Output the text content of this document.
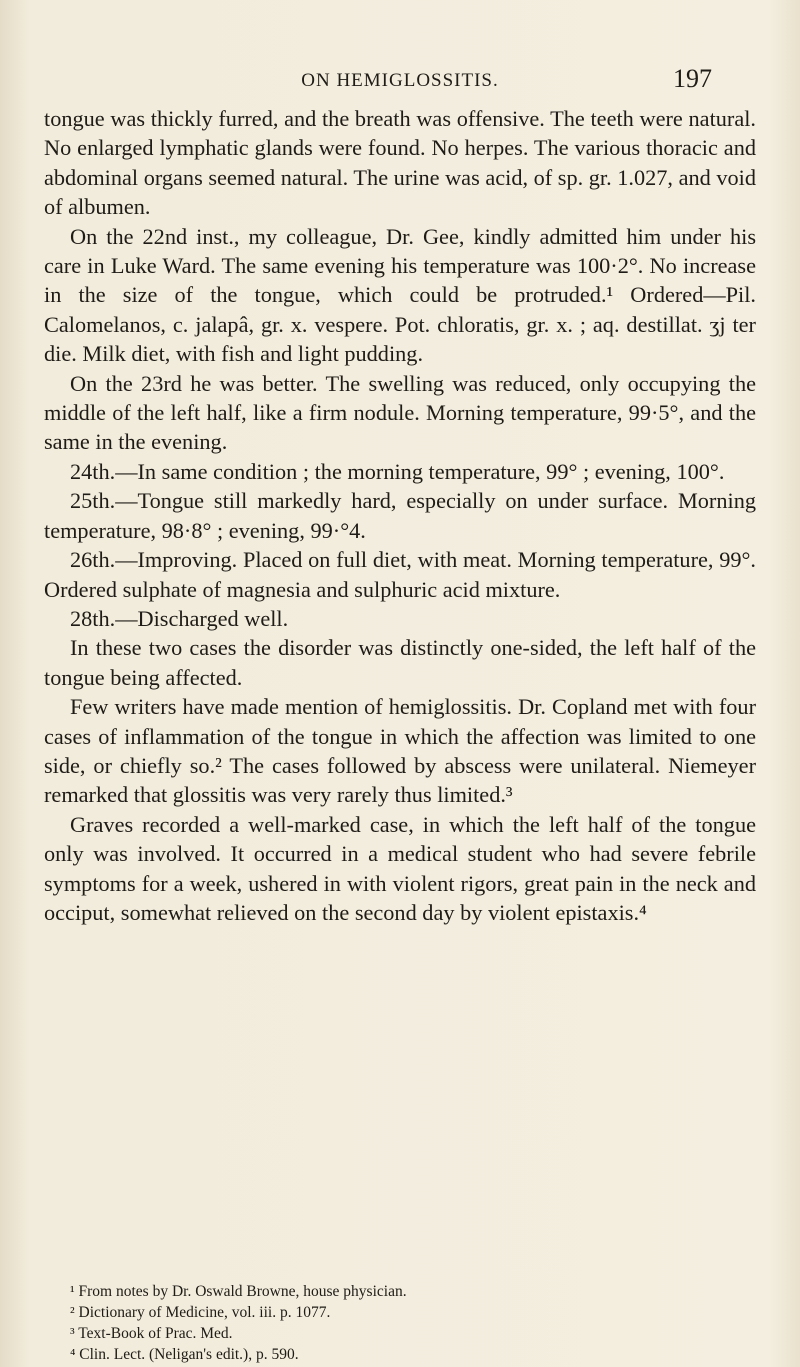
ON HEMIGLOSSITIS.	197

tongue was thickly furred, and the breath was offensive. The teeth were natural. No enlarged lymphatic glands were found. No herpes. The various thoracic and abdominal organs seemed natural. The urine was acid, of sp. gr. 1.027, and void of albumen.

On the 22nd inst., my colleague, Dr. Gee, kindly admitted him under his care in Luke Ward. The same evening his temperature was 100·2°. No increase in the size of the tongue, which could be protruded.¹ Ordered—Pil. Calomelanos, c. jalapâ, gr. x. vespere. Pot. chloratis, gr. x. ; aq. destillat. ʒj ter die. Milk diet, with fish and light pudding.

On the 23rd he was better. The swelling was reduced, only occupying the middle of the left half, like a firm nodule. Morning temperature, 99·5°, and the same in the evening.

24th.—In same condition ; the morning temperature, 99° ; evening, 100°.

25th.—Tongue still markedly hard, especially on under surface. Morning temperature, 98·8° ; evening, 99·°4.

26th.—Improving. Placed on full diet, with meat. Morning temperature, 99°. Ordered sulphate of magnesia and sulphuric acid mixture.

28th.—Discharged well.

In these two cases the disorder was distinctly one-sided, the left half of the tongue being affected.

Few writers have made mention of hemiglossitis. Dr. Copland met with four cases of inflammation of the tongue in which the affection was limited to one side, or chiefly so.² The cases followed by abscess were unilateral. Niemeyer remarked that glossitis was very rarely thus limited.³

Graves recorded a well-marked case, in which the left half of the tongue only was involved. It occurred in a medical student who had severe febrile symptoms for a week, ushered in with violent rigors, great pain in the neck and occiput, somewhat relieved on the second day by violent epistaxis.⁴

¹ From notes by Dr. Oswald Browne, house physician.
² Dictionary of Medicine, vol. iii. p. 1077.
³ Text-Book of Prac. Med.
⁴ Clin. Lect. (Neligan's edit.), p. 590.
